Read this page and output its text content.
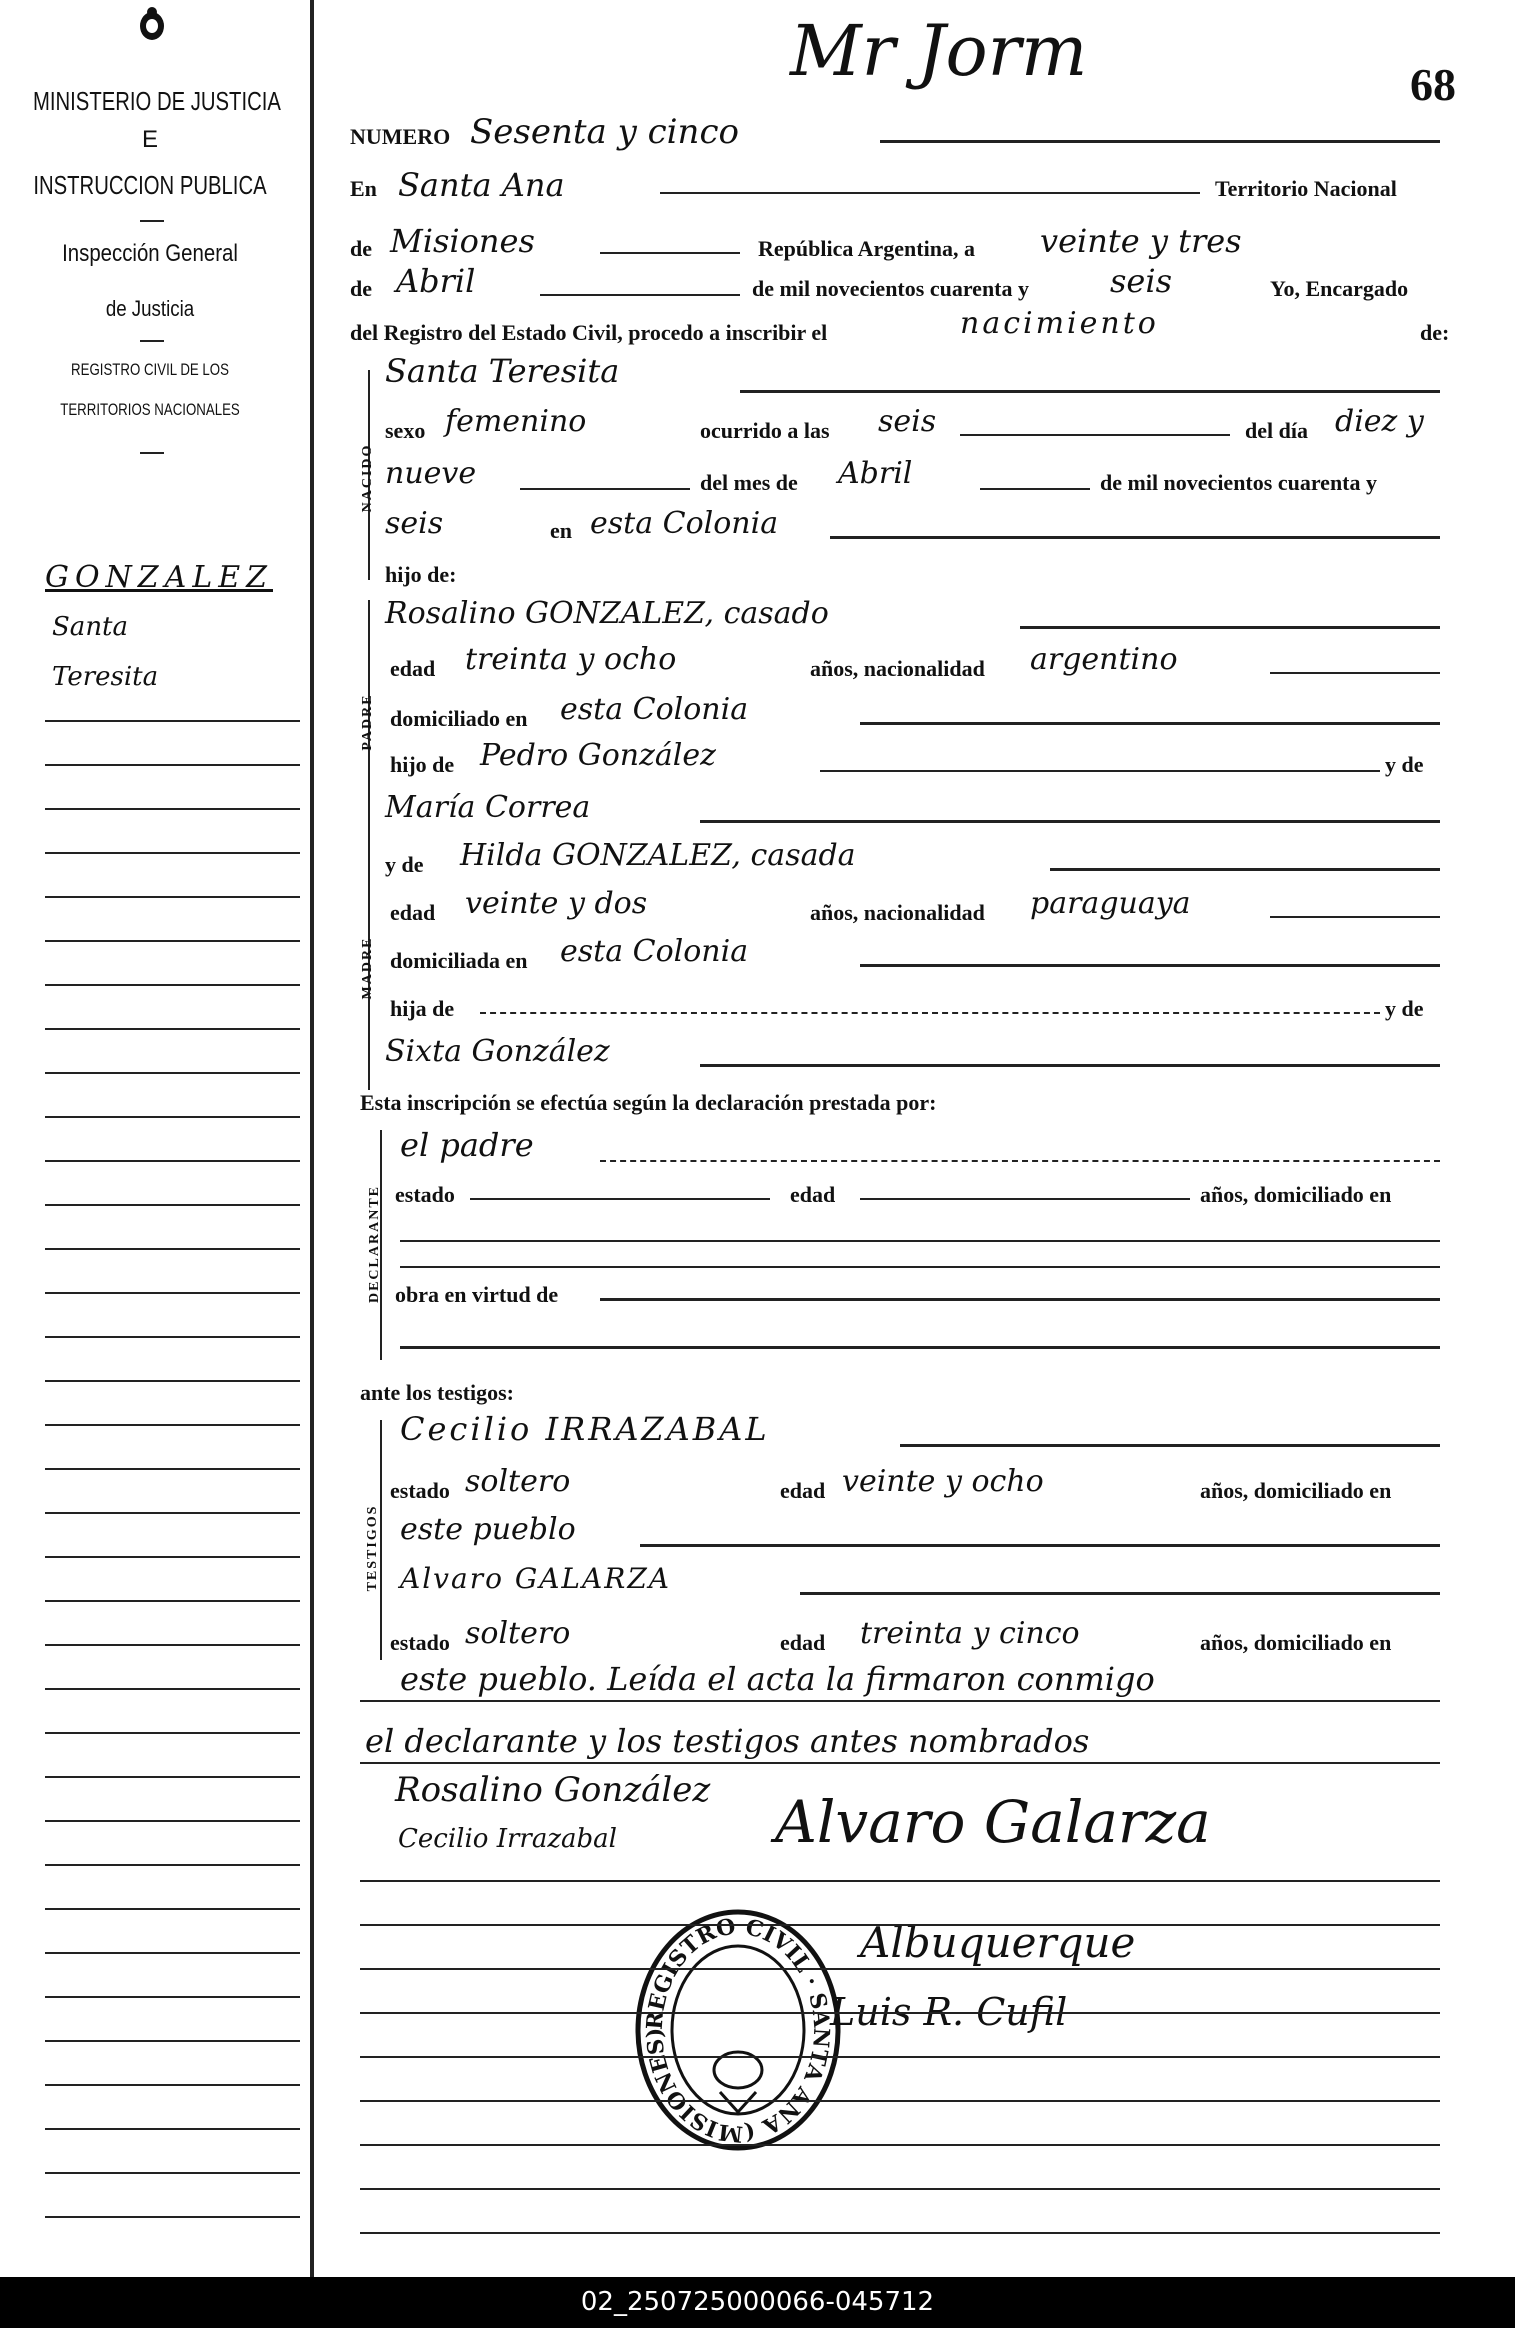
MINISTERIO DE JUSTICIA
E
INSTRUCCION PUBLICA
Inspección General
de Justicia
REGISTRO CIVIL DE LOS
TERRITORIOS NACIONALES
GONZALEZ
Santa
Teresita
Mr Jorm	68
NUMERO Sesenta y cinco
En Santa Ana	Territorio Nacional
de Misiones	República Argentina, a veinte y tres
de Abril	de mil novecientos cuarenta y	seis	Yo, Encargado
del Registro del Estado Civil, procedo a inscribir el	nacimiento	de:
NACIDO
Santa Teresita
sexo femenino	ocurrido a las seis	del día diez y
nueve	del mes de Abril	de mil novecientos cuarenta y
seis	en esta Colonia
hijo de:
PADRE
Rosalino GONZALEZ, casado
edad treinta y ocho	años, nacionalidad argentino
domiciliado en esta Colonia
hijo de Pedro González	y de
María Correa
MADRE
y de Hilda GONZALEZ, casada
edad veinte y dos	años, nacionalidad paraguaya
domiciliada en esta Colonia
hija de	y de
Sixta González
Esta inscripción se efectúa según la declaración prestada por:
DECLARANTE
el padre
estado	edad	años, domiciliado en
obra en virtud de
ante los testigos:
TESTIGOS
Cecilio IRRAZABAL
estado soltero	edad veinte y ocho	años, domiciliado en
este pueblo
Alvaro GALARZA
estado soltero	edad treinta y cinco	años, domiciliado en
este pueblo. Leída el acta la firmaron conmigo
el declarante y los testigos antes nombrados
Rosalino González
Cecilio Irrazabal	Alvaro Galarza
Albuquerque
Luis R. Cufil
REGISTRO CIVIL · SANTA ANA (MISIONES)
02_250725000066-045712
